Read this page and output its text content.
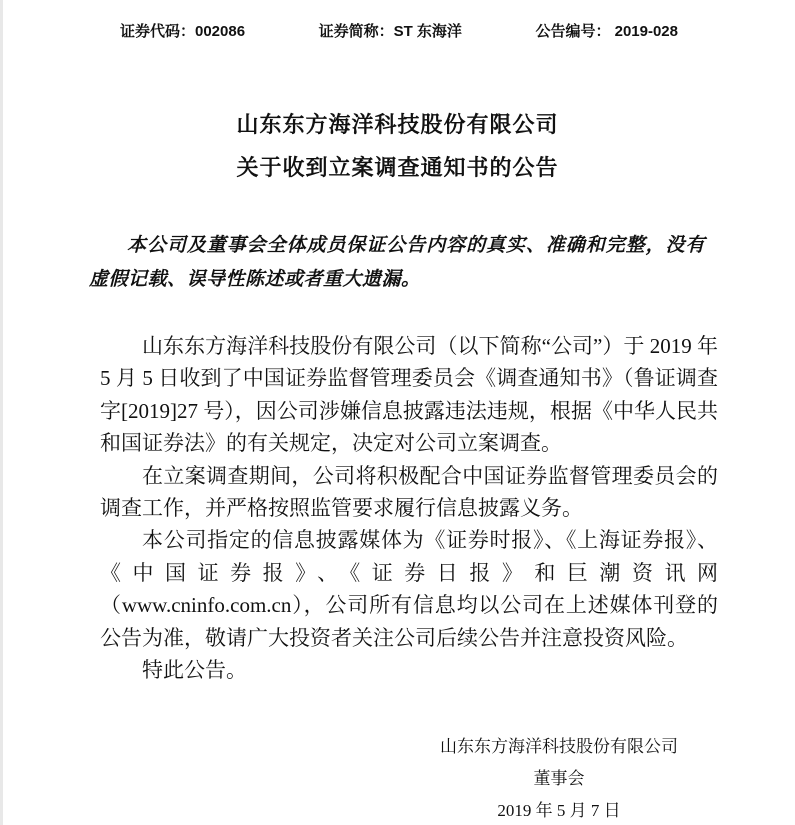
证券代码：002086	证券简称：ST 东海洋	公告编号： 2019-028
山东东方海洋科技股份有限公司
关于收到立案调查通知书的公告

本公司及董事会全体成员保证公告内容的真实、准确和完整，没有虚假记载、误导性陈述或者重大遗漏。

山东东方海洋科技股份有限公司（以下简称“公司”）于 2019 年 5 月 5 日收到了中国证券监督管理委员会《调查通知书》（鲁证调查字[2019]27 号），因公司涉嫌信息披露违法违规，根据《中华人民共和国证券法》的有关规定，决定对公司立案调查。

在立案调查期间，公司将积极配合中国证券监督管理委员会的调查工作，并严格按照监管要求履行信息披露义务。

本公司指定的信息披露媒体为《证券时报》、《上海证券报》、《中国证券报》、《证券日报》和巨潮资讯网（www.cninfo.com.cn），公司所有信息均以公司在上述媒体刊登的公告为准，敬请广大投资者关注公司后续公告并注意投资风险。

特此公告。

山东东方海洋科技股份有限公司
董事会
2019 年 5 月 7 日
